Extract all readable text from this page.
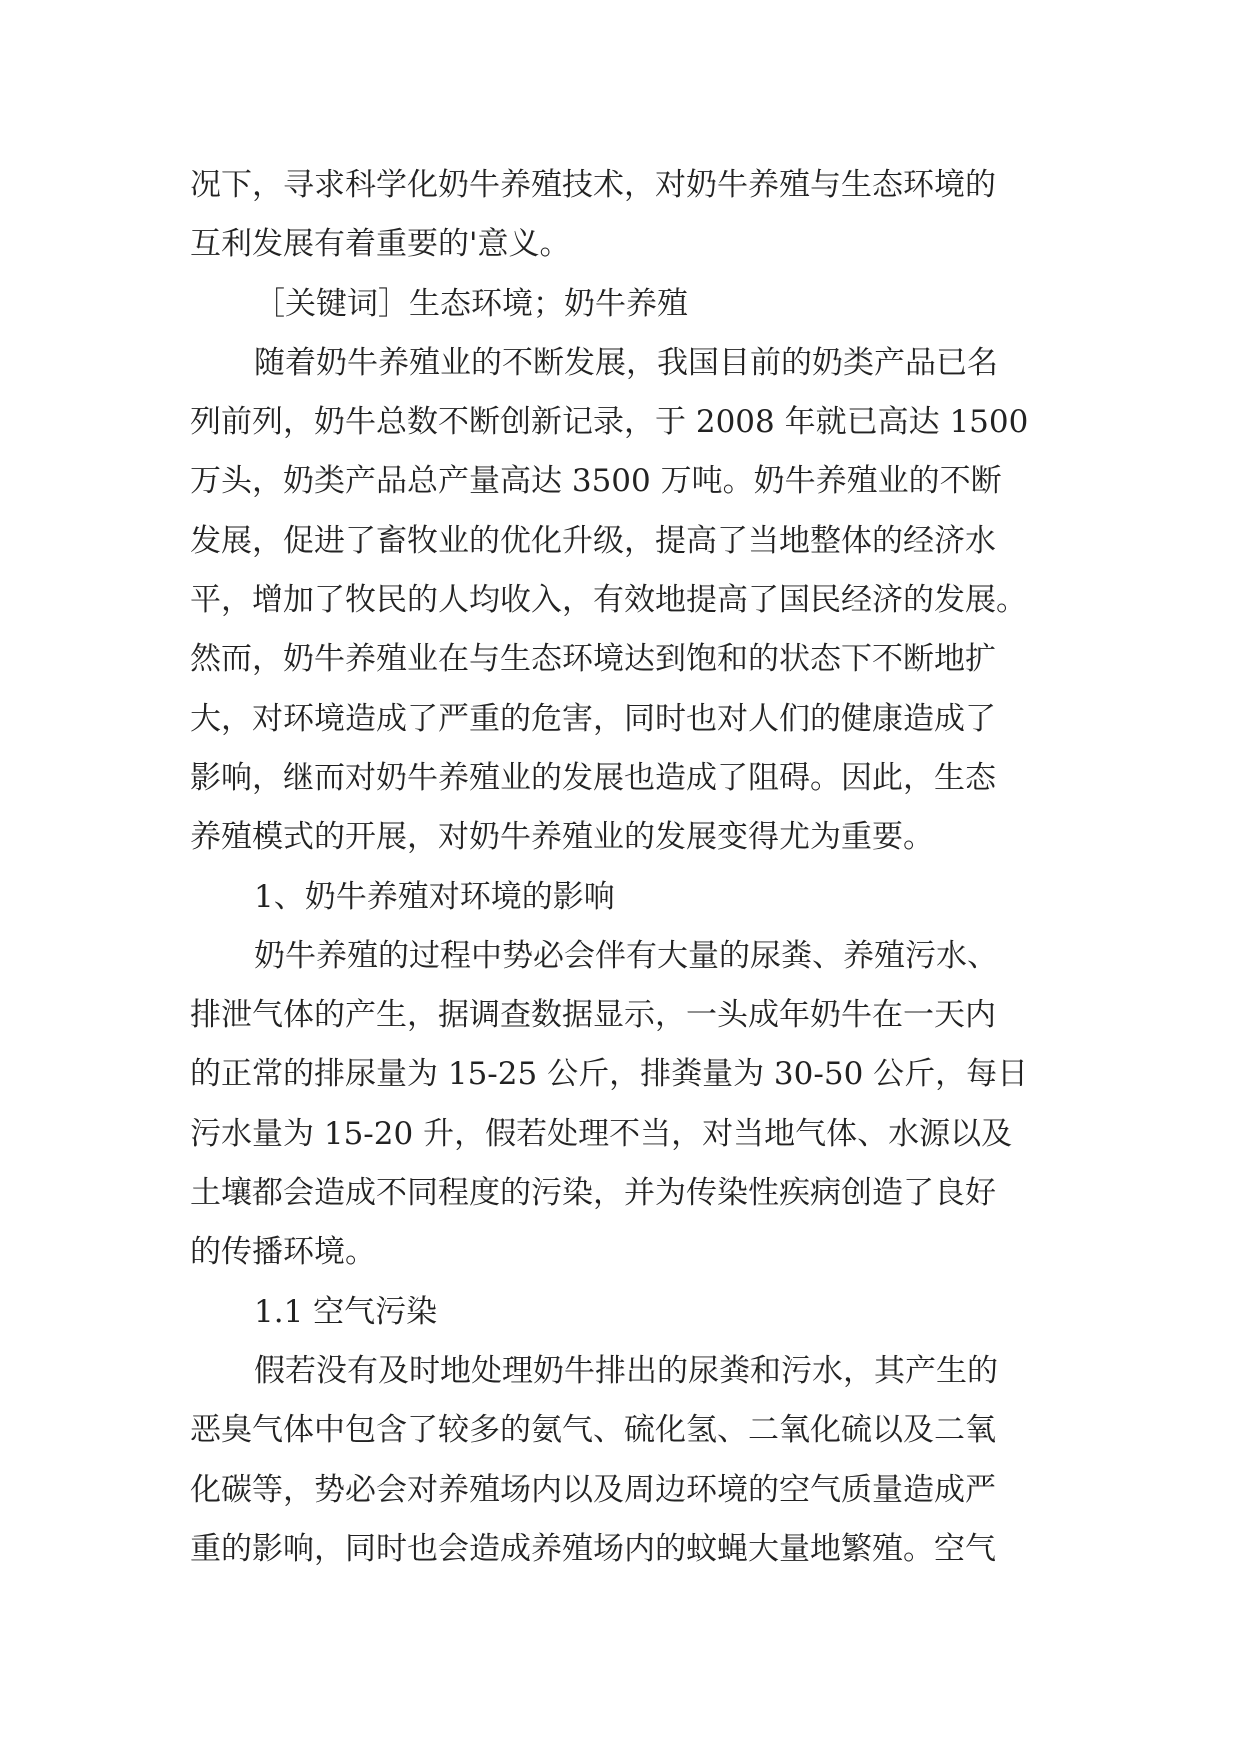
况下，寻求科学化奶牛养殖技术，对奶牛养殖与生态环境的
互利发展有着重要的'意义。
［关键词］生态环境；奶牛养殖
随着奶牛养殖业的不断发展，我国目前的奶类产品已名
列前列，奶牛总数不断创新记录，于 2008 年就已高达 1500
万头，奶类产品总产量高达 3500 万吨。奶牛养殖业的不断
发展，促进了畜牧业的优化升级，提高了当地整体的经济水
平，增加了牧民的人均收入，有效地提高了国民经济的发展。
然而，奶牛养殖业在与生态环境达到饱和的状态下不断地扩
大，对环境造成了严重的危害，同时也对人们的健康造成了
影响，继而对奶牛养殖业的发展也造成了阻碍。因此，生态
养殖模式的开展，对奶牛养殖业的发展变得尤为重要。
1、奶牛养殖对环境的影响
奶牛养殖的过程中势必会伴有大量的尿粪、养殖污水、
排泄气体的产生，据调查数据显示，一头成年奶牛在一天内
的正常的排尿量为 15-25 公斤，排粪量为 30-50 公斤，每日
污水量为 15-20 升，假若处理不当，对当地气体、水源以及
土壤都会造成不同程度的污染，并为传染性疾病创造了良好
的传播环境。
1.1 空气污染
假若没有及时地处理奶牛排出的尿粪和污水，其产生的
恶臭气体中包含了较多的氨气、硫化氢、二氧化硫以及二氧
化碳等，势必会对养殖场内以及周边环境的空气质量造成严
重的影响，同时也会造成养殖场内的蚊蝇大量地繁殖。空气
